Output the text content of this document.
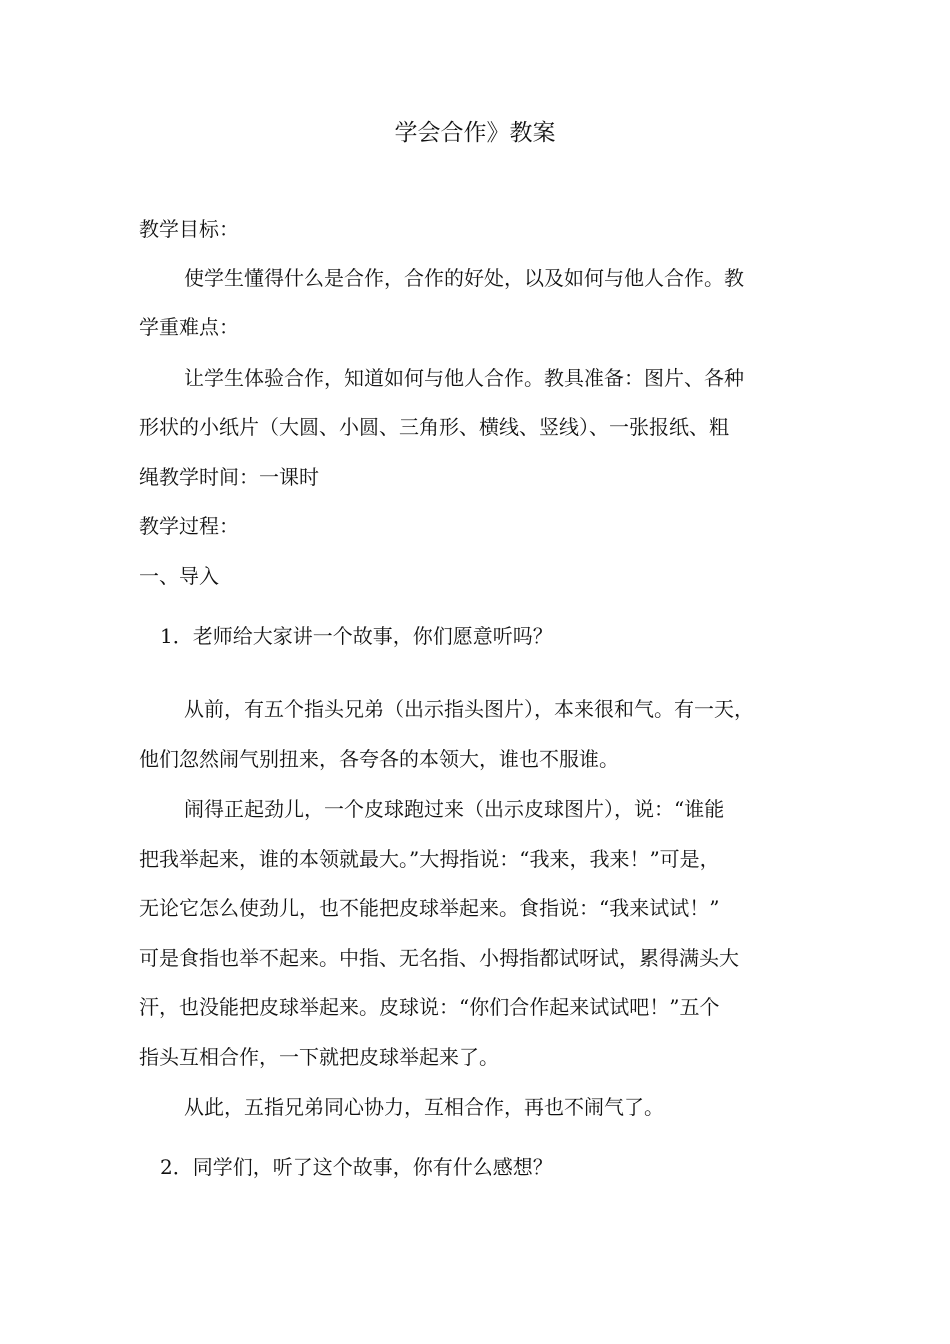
学会合作》教案
教学目标：
使学生懂得什么是合作，合作的好处，以及如何与他人合作。教
学重难点：
让学生体验合作，知道如何与他人合作。教具准备：图片、各种
形状的小纸片（大圆、小圆、三角形、横线、竖线）、一张报纸、粗
绳教学时间：一课时
教学过程：
一、导入
1．老师给大家讲一个故事，你们愿意听吗？
从前，有五个指头兄弟（出示指头图片），本来很和气。有一天，
他们忽然闹气别扭来，各夸各的本领大，谁也不服谁。
闹得正起劲儿，一个皮球跑过来（出示皮球图片），说：“谁能
把我举起来，谁的本领就最大。”大拇指说：“我来，我来！”可是，
无论它怎么使劲儿，也不能把皮球举起来。食指说：“我来试试！”
可是食指也举不起来。中指、无名指、小拇指都试呀试，累得满头大
汗，也没能把皮球举起来。皮球说：“你们合作起来试试吧！”五个
指头互相合作，一下就把皮球举起来了。
从此，五指兄弟同心协力，互相合作，再也不闹气了。
2．同学们，听了这个故事，你有什么感想？
